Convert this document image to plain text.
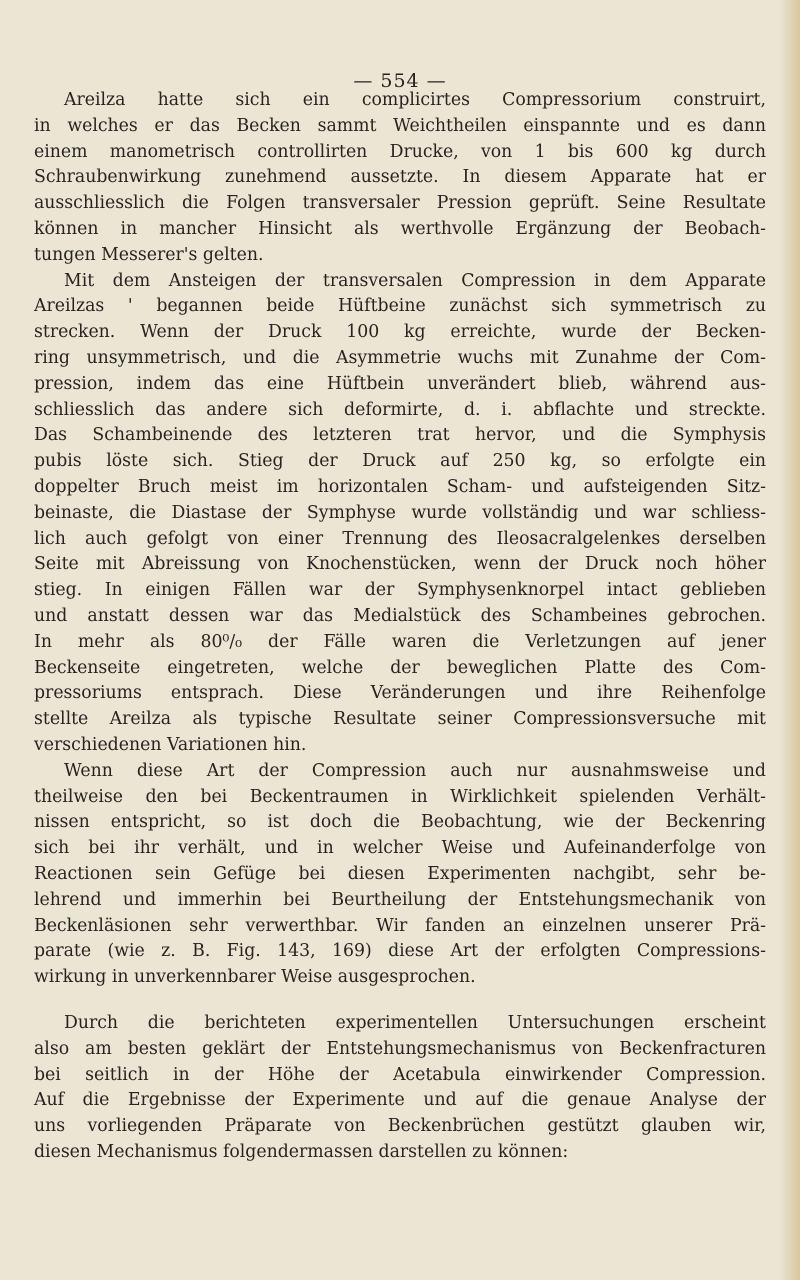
— 554 —
Areilza hatte sich ein complicirtes Compressorium construirt,
in welches er das Becken sammt Weichtheilen einspannte und es dann
einem manometrisch controllirten Drucke, von 1 bis 600 kg durch
Schraubenwirkung zunehmend aussetzte. In diesem Apparate hat er
ausschliesslich die Folgen transversaler Pression geprüft. Seine Resultate
können in mancher Hinsicht als werthvolle Ergänzung der Beobach-
tungen Messerer's gelten.
Mit dem Ansteigen der transversalen Compression in dem Apparate
Areilzas ' begannen beide Hüftbeine zunächst sich symmetrisch zu
strecken. Wenn der Druck 100 kg erreichte, wurde der Becken-
ring unsymmetrisch, und die Asymmetrie wuchs mit Zunahme der Com-
pression, indem das eine Hüftbein unverändert blieb, während aus-
schliesslich das andere sich deformirte, d. i. abflachte und streckte.
Das Schambeinende des letzteren trat hervor, und die Symphysis
pubis löste sich. Stieg der Druck auf 250 kg, so erfolgte ein
doppelter Bruch meist im horizontalen Scham- und aufsteigenden Sitz-
beinaste, die Diastase der Symphyse wurde vollständig und war schliess-
lich auch gefolgt von einer Trennung des Ileosacralgelenkes derselben
Seite mit Abreissung von Knochenstücken, wenn der Druck noch höher
stieg. In einigen Fällen war der Symphysenknorpel intact geblieben
und anstatt dessen war das Medialstück des Schambeines gebrochen.
In mehr als 80⁰/₀ der Fälle waren die Verletzungen auf jener
Beckenseite eingetreten, welche der beweglichen Platte des Com-
pressoriums entsprach. Diese Veränderungen und ihre Reihenfolge
stellte Areilza als typische Resultate seiner Compressionsversuche mit
verschiedenen Variationen hin.
Wenn diese Art der Compression auch nur ausnahmsweise und
theilweise den bei Beckentraumen in Wirklichkeit spielenden Verhält-
nissen entspricht, so ist doch die Beobachtung, wie der Beckenring
sich bei ihr verhält, und in welcher Weise und Aufeinanderfolge von
Reactionen sein Gefüge bei diesen Experimenten nachgibt, sehr be-
lehrend und immerhin bei Beurtheilung der Entstehungsmechanik von
Beckenläsionen sehr verwerthbar. Wir fanden an einzelnen unserer Prä-
parate (wie z. B. Fig. 143, 169) diese Art der erfolgten Compressions-
wirkung in unverkennbarer Weise ausgesprochen.
Durch die berichteten experimentellen Untersuchungen erscheint
also am besten geklärt der Entstehungsmechanismus von Beckenfracturen
bei seitlich in der Höhe der Acetabula einwirkender Compression.
Auf die Ergebnisse der Experimente und auf die genaue Analyse der
uns vorliegenden Präparate von Beckenbrüchen gestützt glauben wir,
diesen Mechanismus folgendermassen darstellen zu können:
